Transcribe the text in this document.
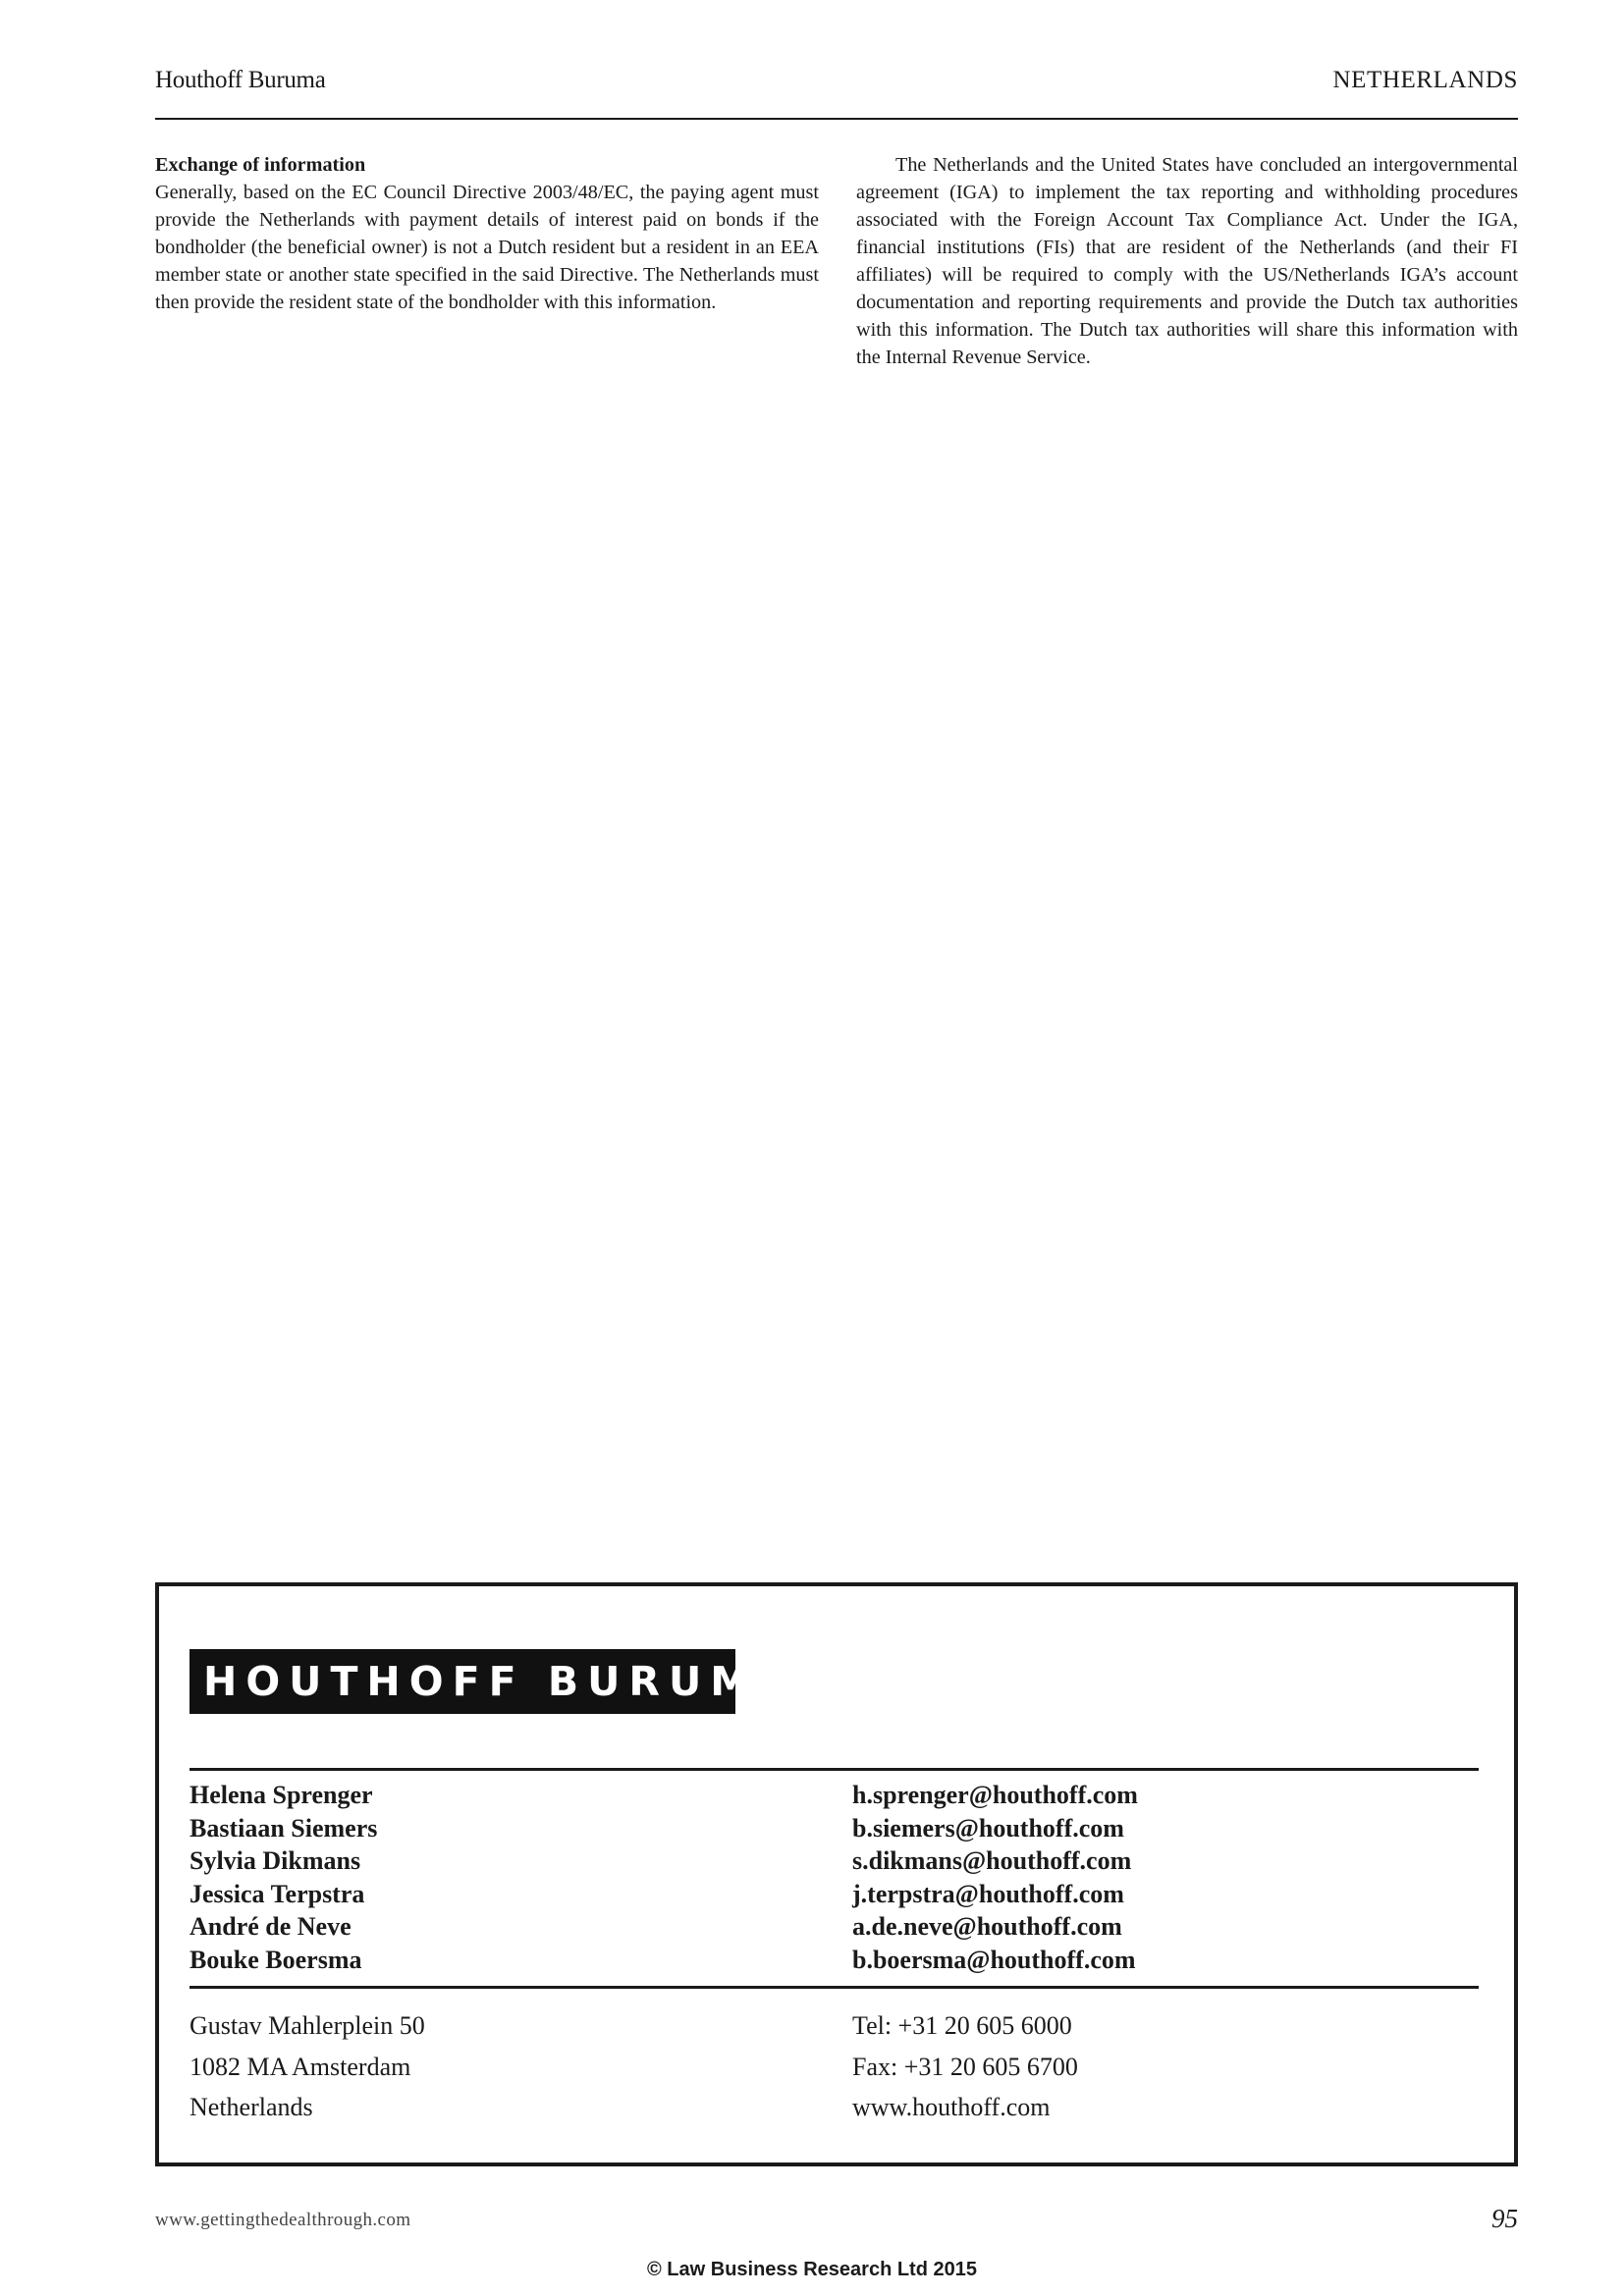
Houthoff Buruma	NETHERLANDS
Exchange of information

Generally, based on the EC Council Directive 2003/48/EC, the paying agent must provide the Netherlands with payment details of interest paid on bonds if the bondholder (the beneficial owner) is not a Dutch resident but a resident in an EEA member state or another state specified in the said Directive. The Netherlands must then provide the resident state of the bondholder with this information.

The Netherlands and the United States have concluded an intergovernmental agreement (IGA) to implement the tax reporting and withholding procedures associated with the Foreign Account Tax Compliance Act. Under the IGA, financial institutions (FIs) that are resident of the Netherlands (and their FI affiliates) will be required to comply with the US/Netherlands IGA’s account documentation and reporting requirements and provide the Dutch tax authorities with this information. The Dutch tax authorities will share this information with the Internal Revenue Service.

HOUTHOFF BURUMA
Helena Sprenger
Bastiaan Siemers
Sylvia Dikmans
Jessica Terpstra
André de Neve
Bouke Boersma
h.sprenger@houthoff.com
b.siemers@houthoff.com
s.dikmans@houthoff.com
j.terpstra@houthoff.com
a.de.neve@houthoff.com
b.boersma@houthoff.com
Gustav Mahlerplein 50
1082 MA Amsterdam
Netherlands
Tel: +31 20 605 6000
Fax: +31 20 605 6700
www.houthoff.com
www.gettingthedealthrough.com	95
© Law Business Research Ltd 2015
